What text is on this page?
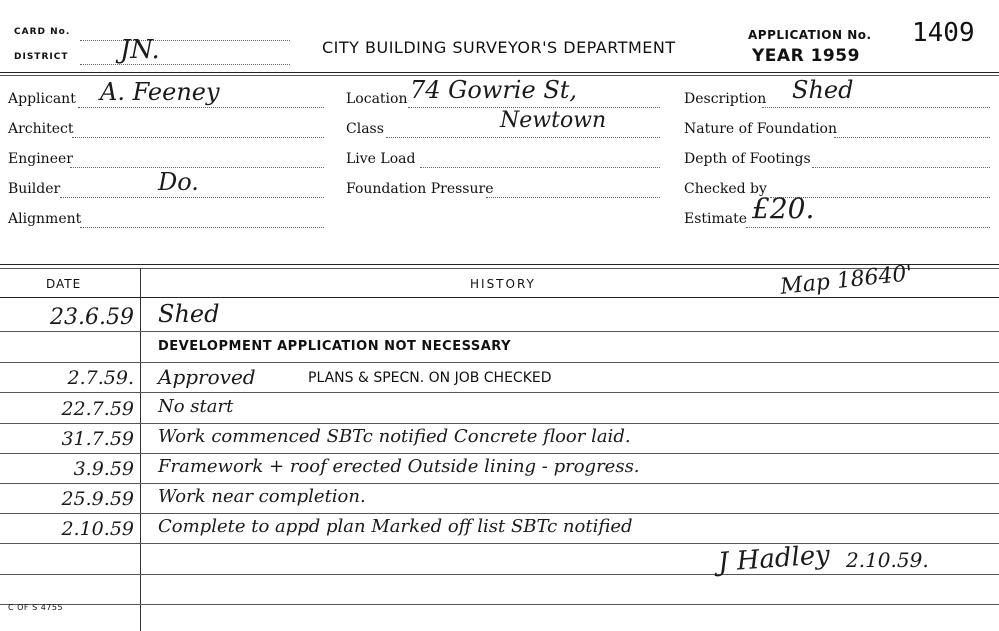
CARD No.
DISTRICT JN.	CITY BUILDING SURVEYOR'S DEPARTMENT
APPLICATION No. 1409
YEAR 1959
Applicant A. Feeney
Architect
Engineer
Builder	Do.
Alignment
Location 74 Gowrie St,
Class	Newtown
Live Load
Foundation Pressure
Description Shed
Nature of Foundation
Depth of Footings
Checked by
Estimate £20.
DATE	HISTORY	Map 18640'
23.6.59 Shed
DEVELOPMENT APPLICATION NOT NECESSARY
2.7.59. Approved	PLANS & SPECN. ON JOB CHECKED
22.7.59 No start
31.7.59 Work commenced SBTc notified Concrete floor laid.
3.9.59 Framework + roof erected Outside lining - progress.
25.9.59 Work near completion.
2.10.59 Complete to appd plan Marked off list SBTc notified
J Hadley 2.10.59.
C OF S 4755
